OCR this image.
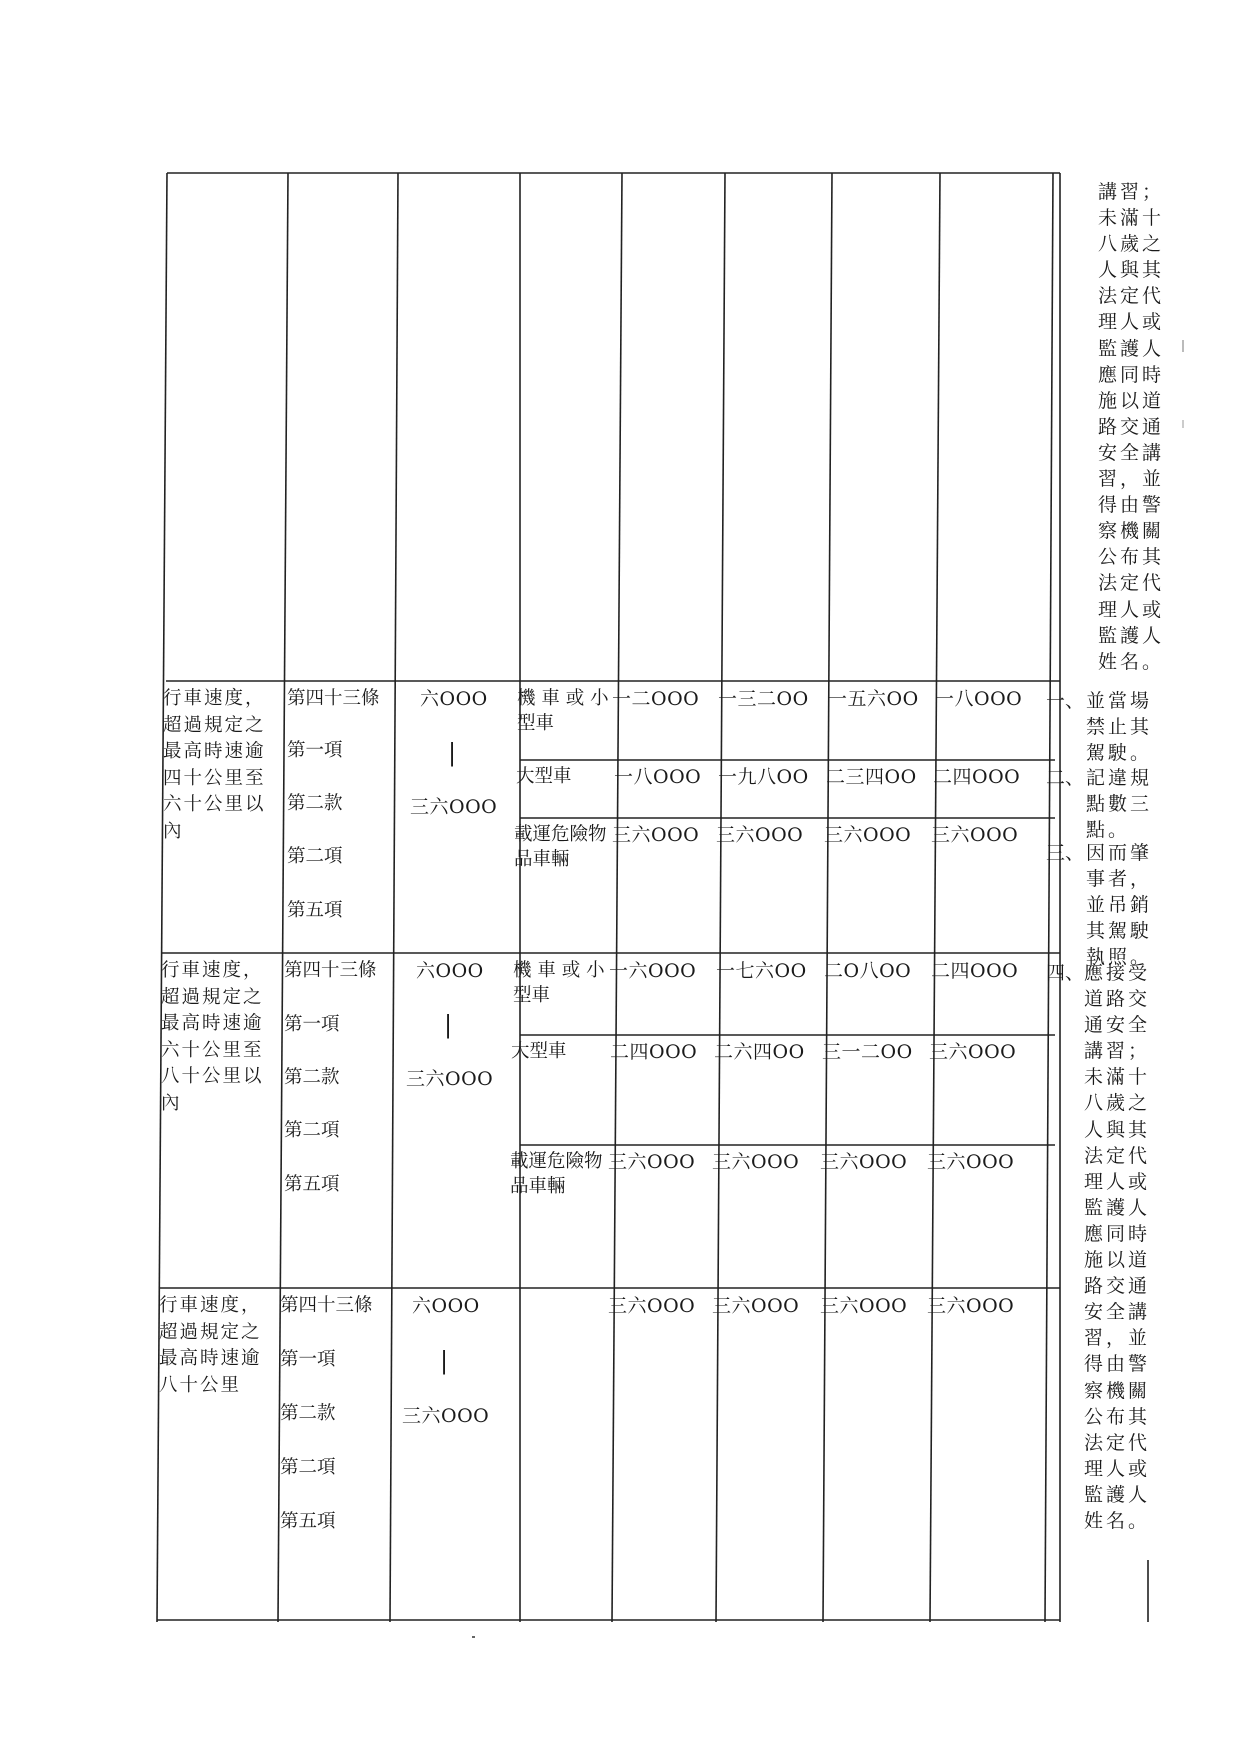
講習；
未滿十
八歲之
人與其
法定代
理人或
監護人
應同時
施以道
路交通
安全講
習，並
得由警
察機關
公布其
法定代
理人或
監護人
姓名。
行車速度，
超過規定之
最高時速逾
四十公里至
六十公里以
內
第四十三條
第一項
第二款
第二項
第五項
六OOO
|
三六OOO
機 車 或 小
型車
一二OOO 一三二OO 一五六OO 一八OOO
大型車 一八OOO 一九八OO 二三四OO 二四OOO
載運危險物
品車輛
三六OOO 三六OOO 三六OOO 三六OOO
行車速度，
超過規定之
最高時速逾
六十公里至
八十公里以
內
第四十三條
第一項
第二款
第二項
第五項
六OOO
|
三六OOO
機 車 或 小
型車
一六OOO 一七六OO 二O八OO 二四OOO
大型車 二四OOO 二六四OO 三一二OO 三六OOO
載運危險物
品車輛
三六OOO 三六OOO 三六OOO 三六OOO
行車速度，
超過規定之
最高時速逾
八十公里
第四十三條
第一項
第二款
第二項
第五項
六OOO
|
三六OOO
三六OOO 三六OOO 三六OOO 三六OOO
一、 並當場
禁止其
駕駛。
二、 記違規
點數三
點。
三、 因而肇
事者，
並吊銷
其駕駛
執照。
四、 應接受
道路交
通安全
講習；
未滿十
八歲之
人與其
法定代
理人或
監護人
應同時
施以道
路交通
安全講
習，並
得由警
察機關
公布其
法定代
理人或
監護人
姓名。
